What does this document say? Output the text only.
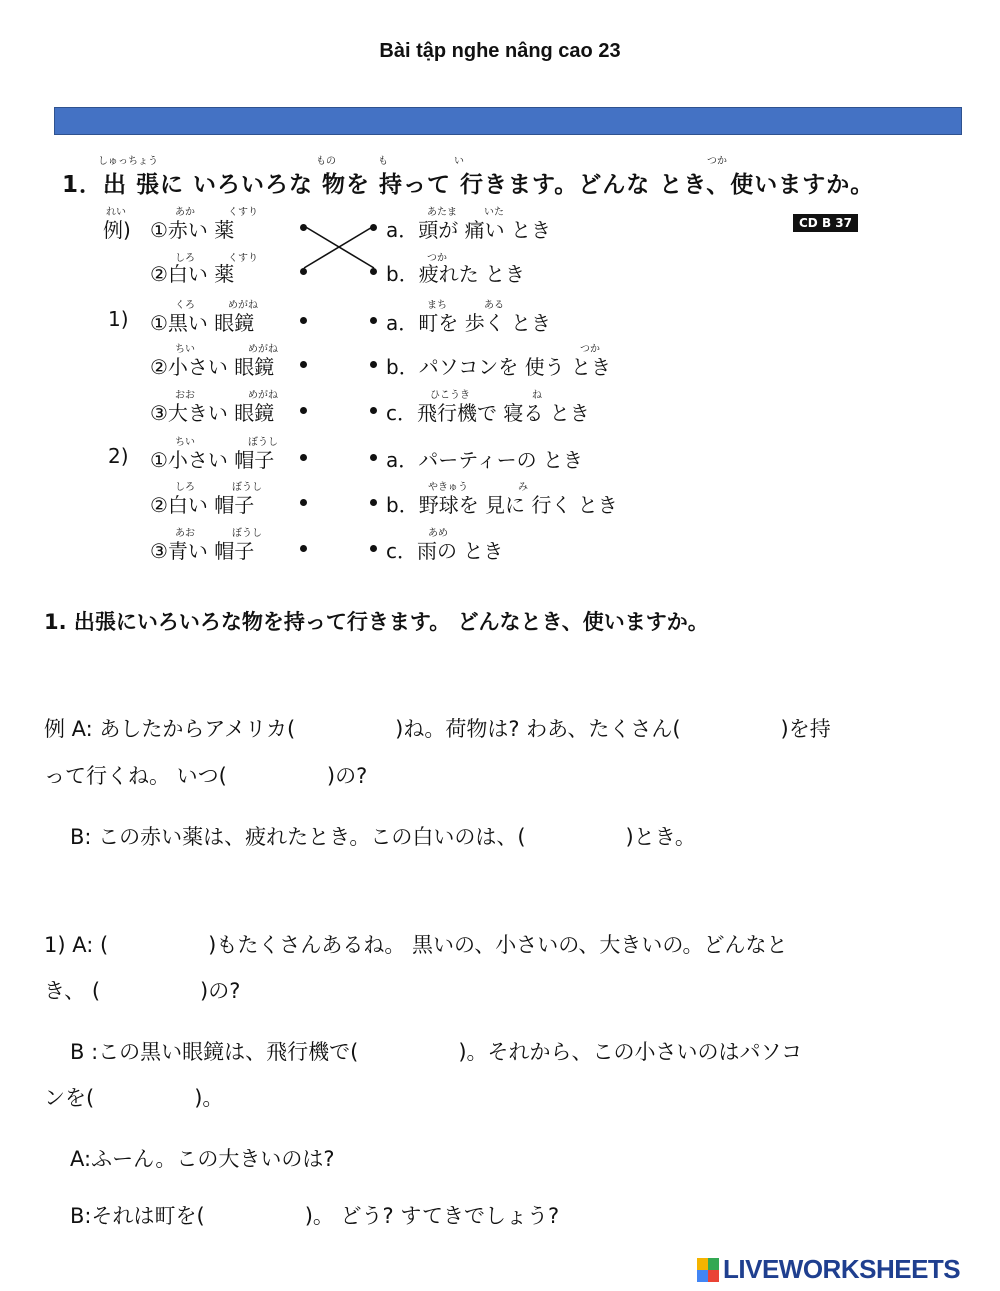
Bài tập nghe nâng cao 23
1．出 張に いろいろな 物を 持って 行きます。どんな とき、使いますか。
しゅっちょう	もの	も	い	つか
CD B 37
れい
例)
あか	くすり
①赤い 薬
しろ	くすり
②白い 薬
あたま	いた
a．頭が 痛い とき
つか
b．疲れた とき
1)
くろ	めがね
①黒い 眼鏡
ちい	めがね
②小さい 眼鏡
おお	めがね
③大きい 眼鏡
まち	ある
a．町を 歩く とき
つか
b．パソコンを 使う とき
ひこうき	ね
c．飛行機で 寝る とき
2)
ちい	ぼうし
①小さい 帽子
しろ	ぼうし
②白い 帽子
あお	ぼうし
③青い 帽子
a．パーティーの とき
やきゅう	み
b．野球を 見に 行く とき
あめ
c．雨の とき
1. 出張にいろいろな物を持って行きます。 どんなとき、使いますか。
例 A: あしたからアメリカ(	)ね。荷物は? わあ、たくさん(	)を持
って行くね。 いつ(	)の?
B: この赤い薬は、疲れたとき。この白いのは、(	)とき。
1) A: (	)もたくさんあるね。 黒いの、小さいの、大きいの。どんなと
き、 (	)の?
B :この黒い眼鏡は、飛行機で(	)。それから、この小さいのはパソコ
ンを(	)。
A:ふーん。この大きいのは?
B:それは町を(	)。 どう? すてきでしょう?
LIVEWORKSHEETS
